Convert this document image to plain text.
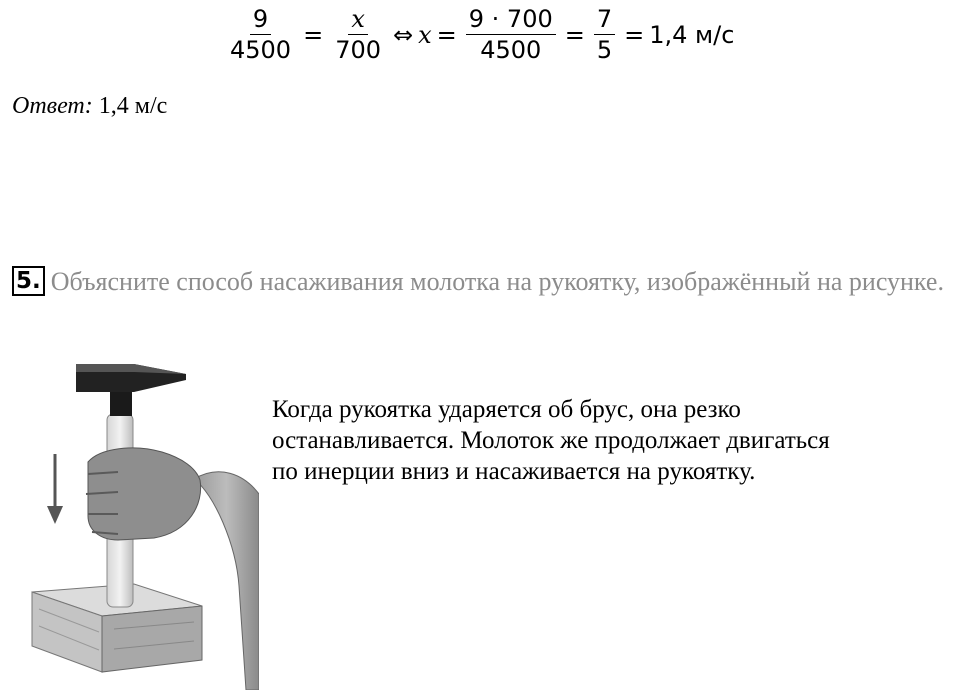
$\frac{9}{4500} = \frac{x}{700}$ ⇔ $x = \frac{9 \cdot 700}{4500} = \frac{7}{5} = 1,4$ м/с
Ответ: 1,4 м/с
5. Объясните способ насаживания молотка на рукоятку, изображённый на рисунке.
Когда рукоятка ударяется об брус, она резко
останавливается. Молоток же продолжает двигаться
по инерции вниз и насаживается на рукоятку.
